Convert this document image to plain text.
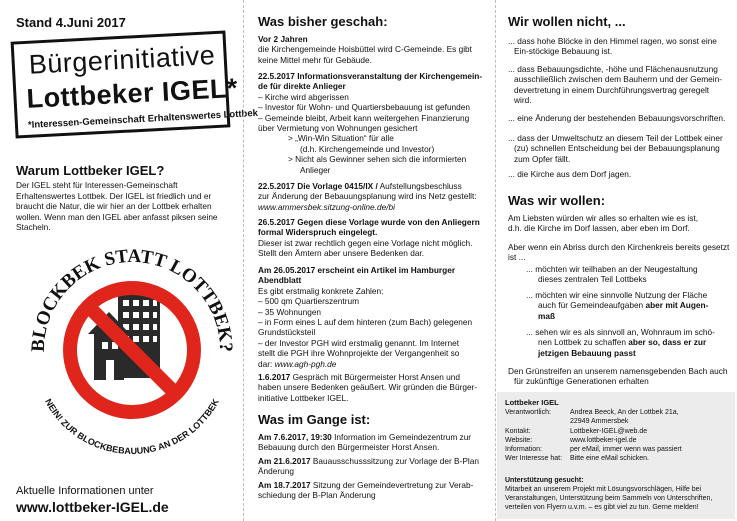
Stand 4.Juni 2017
Bürgerinitiative
Lottbeker IGEL*
*Interessen-Gemeinschaft Erhaltenswertes Lottbek
Warum Lottbeker IGEL?
Der IGEL steht für Interessen-Gemeinschaft Erhaltenswertes Lottbek. Der IGEL ist friedlich und er braucht die Natur, die wir hier an der Lottbek erhalten wollen. Wenn man den IGEL aber anfasst piksen seine Stacheln.
BLOCKBEK STATT LOTTBEK?
NEIN! ZUR BLOCKBEBAUUNG AN DER LOTTBEK
Aktuelle Informationen unter
www.lottbeker-IGEL.de
Was bisher geschah:
Vor 2 Jahren
die Kirchengemeinde Hoisbüttel wird C-Gemeinde. Es gibt
keine Mittel mehr für Gebäude.
22.5.2017 Informationsveranstaltung der Kirchengemein-
de für direkte Anlieger
– Kirche wird abgerissen
– Investor für Wohn- und Quartiersbebauung ist gefunden
– Gemeinde bleibt, Arbeit kann weitergehen Finanzierung
über Vermietung von Wohnungen gesichert
> „Win-Win Situation“ für alle
(d.h. Kirchengemeinde und Investor)
> Nicht als Gewinner sehen sich die informierten
Anlieger
22.5.2017 Die Vorlage 0415/IX / Aufstellungsbeschluss
zur Änderung der Bebauungsplanung wird ins Netz gestellt:
www.ammersbek.sitzung-online.de/bi
26.5.2017 Gegen diese Vorlage wurde von den Anliegern
formal Widerspruch eingelegt.
Dieser ist zwar rechtlich gegen eine Vorlage nicht möglich.
Stellt den Ämtern aber unsere Bedenken dar.
Am 26.05.2017 erscheint ein Artikel im Hamburger
Abendblatt
Es gibt erstmalig konkrete Zahlen:
– 500 qm Quartierszentrum
– 35 Wohnungen
– in Form eines L auf dem hinteren (zum Bach) gelegenen
Grundstücksteil
– der Investor PGH wird erstmalig genannt. Im Internet
stellt die PGH ihre Wohnprojekte der Vergangenheit so
dar: www.agh-pgh.de
1.6.2017 Gespräch mit Bürgermeister Horst Ansen und
haben unsere Bedenken geäußert. Wir gründen die Bürger-
initiative Lottbeker IGEL.
Was im Gange ist:
Am 7.6.2017, 19:30 Information im Gemeindezentrum zur
Bebauung durch den Bürgermeister Horst Ansen.
Am 21.6.2017 Bauausschusssitzung zur Vorlage der B-Plan
Änderung
Am 18.7.2017 Sitzung der Gemeindevertretung zur Verab-
schiedung der B-Plan Änderung
Wir wollen nicht, ...
... dass hohe Blöcke in den Himmel ragen, wo sonst eine
Ein-stöckige Bebauung ist.
... dass Bebauungsdichte, -höhe und Flächenausnutzung
ausschließlich zwischen dem Bauherrn und der Gemein-
devertretung in einem Durchführungsvertrag geregelt
wird.
... eine Änderung der bestehenden Bebauungsvorschriften.
... dass der Umweltschutz an diesem Teil der Lottbek einer
(zu) schnellen Entscheidung bei der Bebauungsplanung
zum Opfer fällt.
... die Kirche aus dem Dorf jagen.
Was wir wollen:
Am Liebsten würden wir alles so erhalten wie es ist,
d.h. die Kirche im Dorf lassen, aber eben im Dorf.
Aber wenn ein Abriss durch den Kirchenkreis bereits gesetzt
ist ...
... möchten wir teilhaben an der Neugestaltung
dieses zentralen Teil Lottbeks
... möchten wir eine sinnvolle Nutzung der Fläche
auch für Gemeindeaufgaben aber mit Augen-
maß
... sehen wir es als sinnvoll an, Wohnraum im schö-
nen Lottbek zu schaffen aber so, dass er zur
jetzigen Bebauung passt
Den Grünstreifen an unserem namensgebenden Bach auch
für zukünftige Generationen erhalten
Lottbeker IGEL
Verantwortlich:	Andrea Beeck, An der Lottbek 21a,
22949 Ammersbek
Kontakt:	Lottbeker-IGEL@web.de
Website:	www.lottbeker-igel.de
Information:	per eMail, immer wenn was passiert
Wer Interesse hat: Bitte eine eMail schicken.
Unterstützung gesucht:
Mitarbeit an unserem Projekt mit Lösungsvorschlägen, Hilfe bei Veranstaltungen, Unterstützung beim Sammeln von Unterschriften, verteilen von Flyern u.v.m. – es gibt viel zu tun. Gerne melden!
